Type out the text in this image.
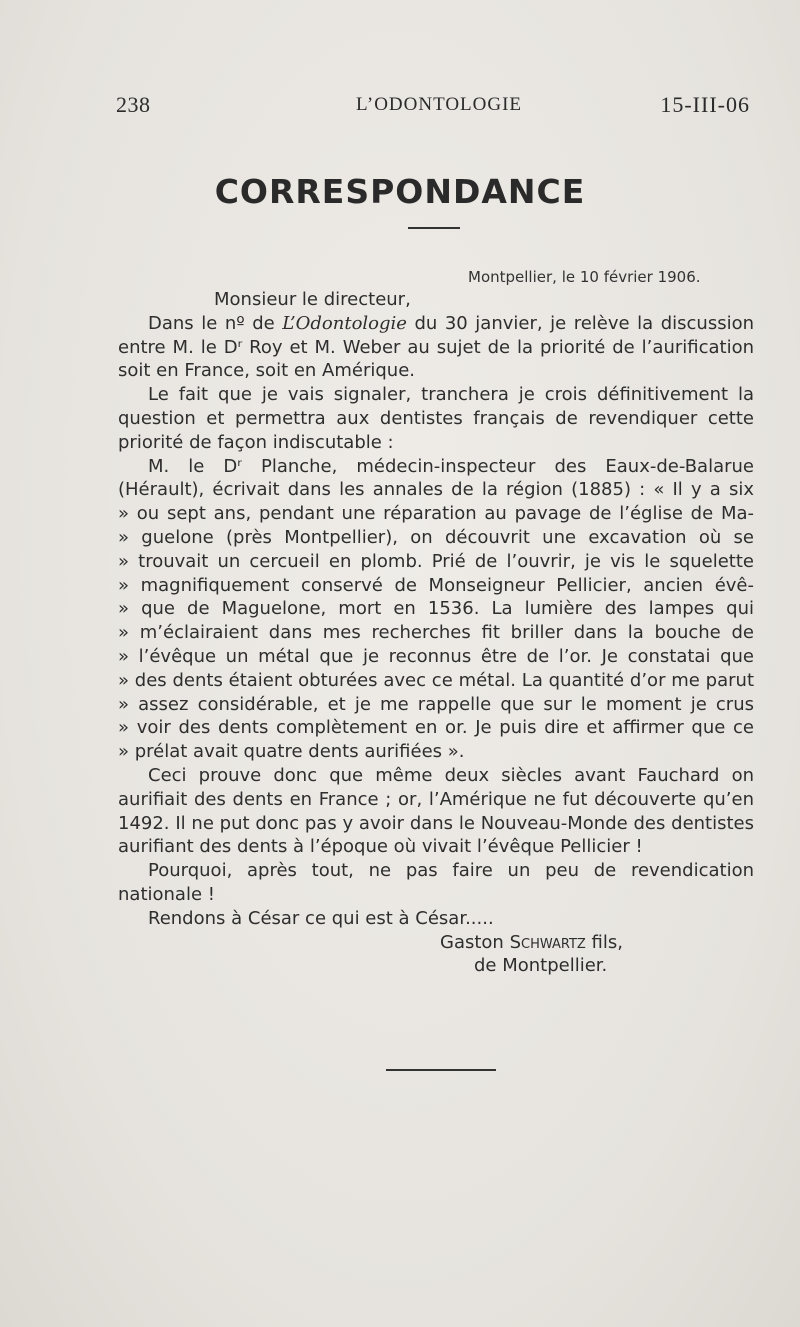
238	L’ODONTOLOGIE	15-III-06
CORRESPONDANCE
Montpellier, le 10 février 1906.

Monsieur le directeur,

Dans le nº de L’Odontologie du 30 janvier, je relève la discussion entre M. le Dʳ Roy et M. Weber au sujet de la priorité de l’aurification soit en France, soit en Amérique.

Le fait que je vais signaler, tranchera je crois définitivement la question et permettra aux dentistes français de revendiquer cette priorité de façon indiscutable :

M. le Dʳ Planche, médecin-inspecteur des Eaux-de-Balarue
(Hérault), écrivait dans les annales de la région (1885) : « Il y a six
» ou sept ans, pendant une réparation au pavage de l’église de Ma-
» guelone (près Montpellier), on découvrit une excavation où se
» trouvait un cercueil en plomb. Prié de l’ouvrir, je vis le squelette
» magnifiquement conservé de Monseigneur Pellicier, ancien évê-
» que de Maguelone, mort en 1536. La lumière des lampes qui
» m’éclairaient dans mes recherches fit briller dans la bouche de
» l’évêque un métal que je reconnus être de l’or. Je constatai que
» des dents étaient obturées avec ce métal. La quantité d’or me parut
» assez considérable, et je me rappelle que sur le moment je crus
» voir des dents complètement en or. Je puis dire et affirmer que ce
» prélat avait quatre dents aurifiées ».

Ceci prouve donc que même deux siècles avant Fauchard on aurifiait des dents en France ; or, l’Amérique ne fut découverte qu’en 1492. Il ne put donc pas y avoir dans le Nouveau-Monde des dentistes aurifiant des dents à l’époque où vivait l’évêque Pellicier !

Pourquoi, après tout, ne pas faire un peu de revendication nationale !

Rendons à César ce qui est à César.....

Gaston Schwartz fils,
de Montpellier.
